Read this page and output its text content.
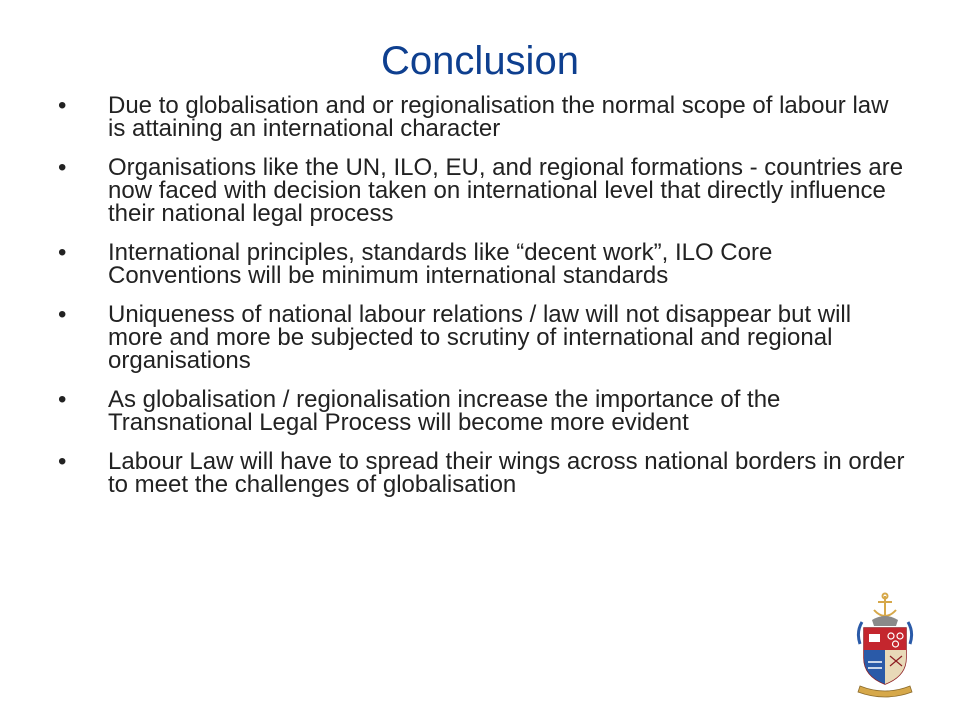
Conclusion
• Due to globalisation and or regionalisation the normal scope of labour law is attaining an international character
• Organisations like the UN, ILO, EU, and regional formations - countries are now faced with decision taken on international level that directly influence their national legal process
• International principles, standards like “decent work”, ILO Core Conventions will be minimum international standards
• Uniqueness of national labour relations / law will not disappear but will more and more be subjected to scrutiny of international and regional organisations
• As globalisation / regionalisation increase the importance of the Transnational Legal Process will become more evident
• Labour Law will have to spread their wings across national borders in order to meet the challenges of globalisation
